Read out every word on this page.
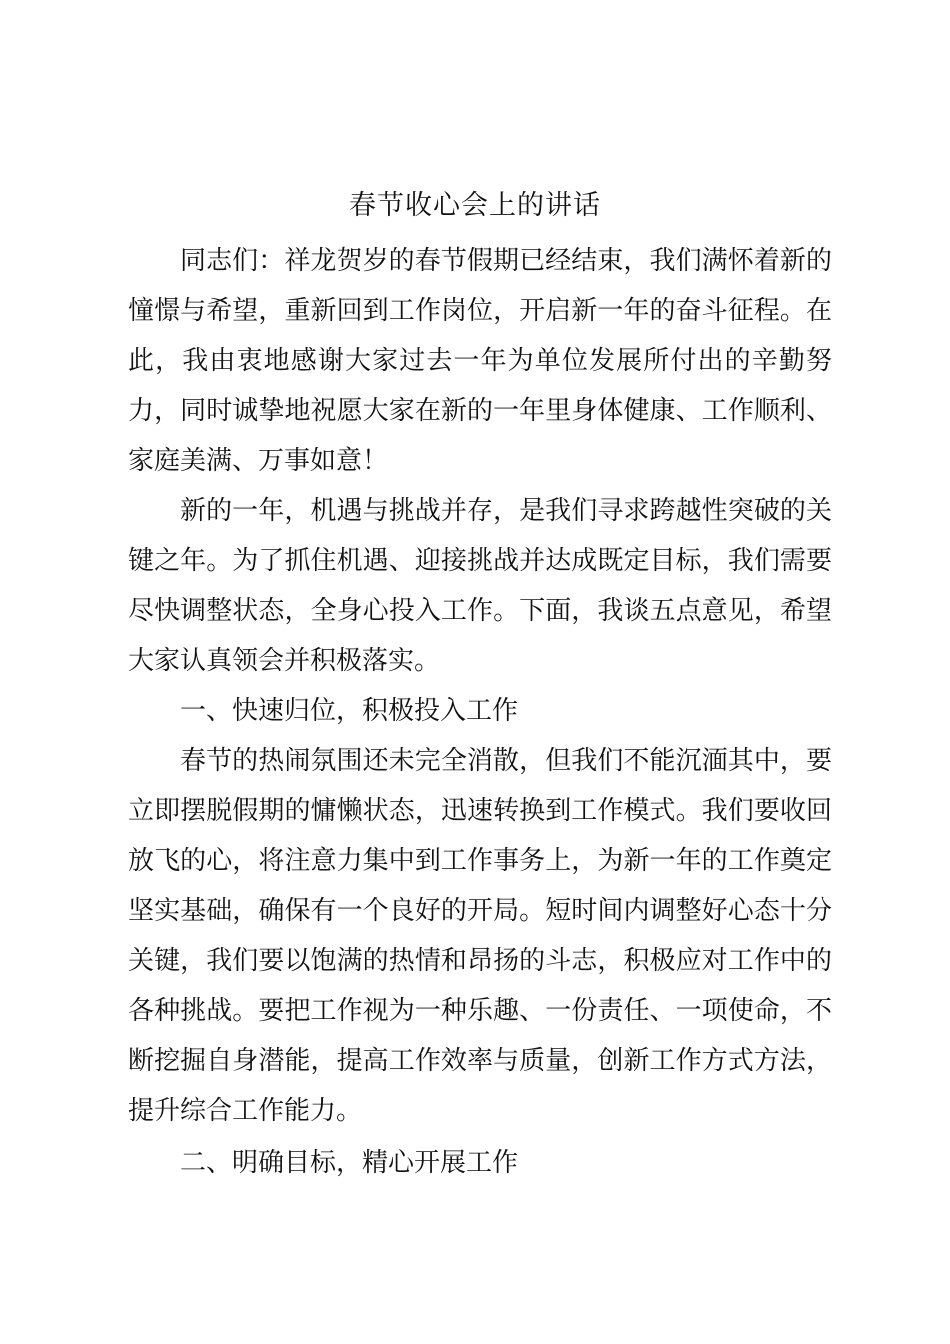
春节收心会上的讲话

同志们：祥龙贺岁的春节假期已经结束，我们满怀着新的憧憬与希望，重新回到工作岗位，开启新一年的奋斗征程。在此，我由衷地感谢大家过去一年为单位发展所付出的辛勤努力，同时诚挚地祝愿大家在新的一年里身体健康、工作顺利、家庭美满、万事如意！

新的一年，机遇与挑战并存，是我们寻求跨越性突破的关键之年。为了抓住机遇、迎接挑战并达成既定目标，我们需要尽快调整状态，全身心投入工作。下面，我谈五点意见，希望大家认真领会并积极落实。

一、快速归位，积极投入工作

春节的热闹氛围还未完全消散，但我们不能沉湎其中，要立即摆脱假期的慵懒状态，迅速转换到工作模式。我们要收回放飞的心，将注意力集中到工作事务上，为新一年的工作奠定坚实基础，确保有一个良好的开局。短时间内调整好心态十分关键，我们要以饱满的热情和昂扬的斗志，积极应对工作中的各种挑战。要把工作视为一种乐趣、一份责任、一项使命，不断挖掘自身潜能，提高工作效率与质量，创新工作方式方法，提升综合工作能力。

二、明确目标，精心开展工作
